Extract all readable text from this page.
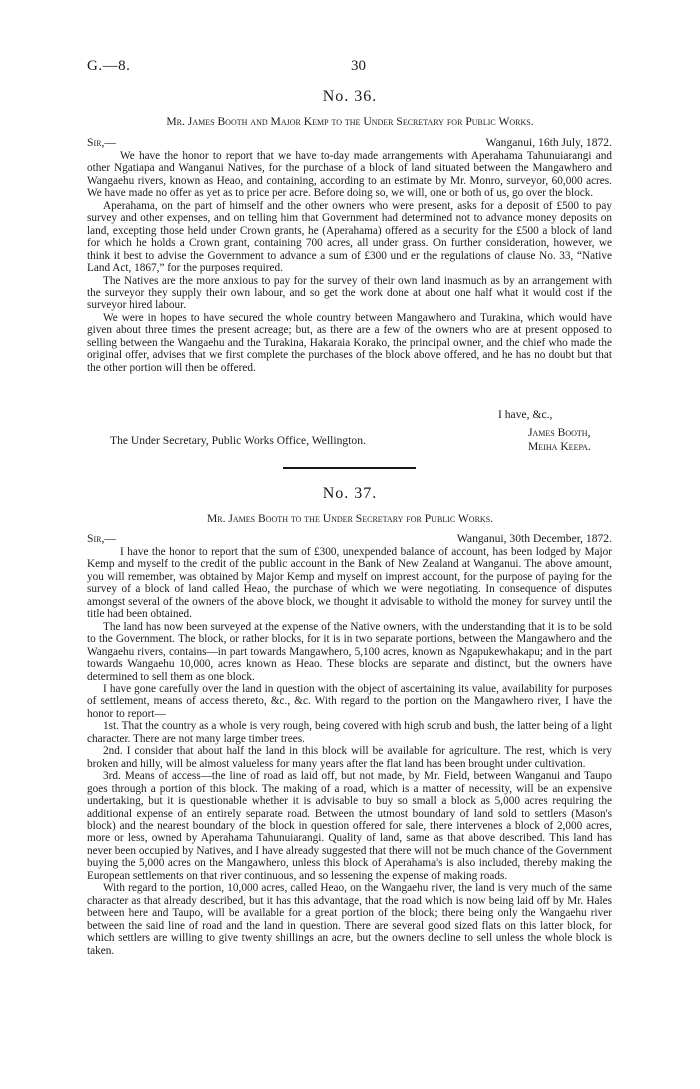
G.—8.	30
No. 36.
Mr. James Booth and Major Kemp to the Under Secretary for Public Works.
Sir,—	Wanganui, 16th July, 1872.

We have the honor to report that we have to-day made arrangements with Aperahama Tahunuiarangi and other Ngatiapa and Wanganui Natives, for the purchase of a block of land situated between the Mangawhero and Wangaehu rivers, known as Heao, and containing, according to an estimate by Mr. Monro, surveyor, 60,000 acres. We have made no offer as yet as to price per acre. Before doing so, we will, one or both of us, go over the block.

Aperahama, on the part of himself and the other owners who were present, asks for a deposit of £500 to pay survey and other expenses, and on telling him that Government had determined not to advance money deposits on land, excepting those held under Crown grants, he (Aperahama) offered as a security for the £500 a block of land for which he holds a Crown grant, containing 700 acres, all under grass. On further consideration, however, we think it best to advise the Government to advance a sum of £300 und er the regulations of clause No. 33, “Native Land Act, 1867,” for the purposes required.

The Natives are the more anxious to pay for the survey of their own land inasmuch as by an arrangement with the surveyor they supply their own labour, and so get the work done at about one half what it would cost if the surveyor hired labour.

We were in hopes to have secured the whole country between Mangawhero and Turakina, which would have given about three times the present acreage; but, as there are a few of the owners who are at present opposed to selling between the Wangaehu and the Turakina, Hakaraia Korako, the principal owner, and the chief who made the original offer, advises that we first complete the purchases of the block above offered, and he has no doubt but that the other portion will then be offered.

I have, &c.,
James Booth,
Meiha Keepa.
The Under Secretary, Public Works Office, Wellington.
No. 37.
Mr. James Booth to the Under Secretary for Public Works.
Sir,—	Wanganui, 30th December, 1872.

I have the honor to report that the sum of £300, unexpended balance of account, has been lodged by Major Kemp and myself to the credit of the public account in the Bank of New Zealand at Wanganui. The above amount, you will remember, was obtained by Major Kemp and myself on imprest account, for the purpose of paying for the survey of a block of land called Heao, the purchase of which we were negotiating. In consequence of disputes amongst several of the owners of the above block, we thought it advisable to withold the money for survey until the title had been obtained.

The land has now been surveyed at the expense of the Native owners, with the understanding that it is to be sold to the Government. The block, or rather blocks, for it is in two separate portions, between the Mangawhero and the Wangaehu rivers, contains—in part towards Mangawhero, 5,100 acres, known as Ngapukewhakapu; and in the part towards Wangaehu 10,000, acres known as Heao. These blocks are separate and distinct, but the owners have determined to sell them as one block.

I have gone carefully over the land in question with the object of ascertaining its value, availability for purposes of settlement, means of access thereto, &c., &c. With regard to the portion on the Mangawhero river, I have the honor to report—

1st. That the country as a whole is very rough, being covered with high scrub and bush, the latter being of a light character. There are not many large timber trees.

2nd. I consider that about half the land in this block will be available for agriculture. The rest, which is very broken and hilly, will be almost valueless for many years after the flat land has been brought under cultivation.

3rd. Means of access—the line of road as laid off, but not made, by Mr. Field, between Wanganui and Taupo goes through a portion of this block. The making of a road, which is a matter of necessity, will be an expensive undertaking, but it is questionable whether it is advisable to buy so small a block as 5,000 acres requiring the additional expense of an entirely separate road. Between the utmost boundary of land sold to settlers (Mason's block) and the nearest boundary of the block in question offered for sale, there intervenes a block of 2,000 acres, more or less, owned by Aperahama Tahunuiarangi. Quality of land, same as that above described. This land has never been occupied by Natives, and I have already suggested that there will not be much chance of the Government buying the 5,000 acres on the Mangawhero, unless this block of Aperahama's is also included, thereby making the European settlements on that river continuous, and so lessening the expense of making roads.

With regard to the portion, 10,000 acres, called Heao, on the Wangaehu river, the land is very much of the same character as that already described, but it has this advantage, that the road which is now being laid off by Mr. Hales between here and Taupo, will be available for a great portion of the block; there being only the Wangaehu river between the said line of road and the land in question. There are several good sized flats on this latter block, for which settlers are willing to give twenty shillings an acre, but the owners decline to sell unless the whole block is taken.
